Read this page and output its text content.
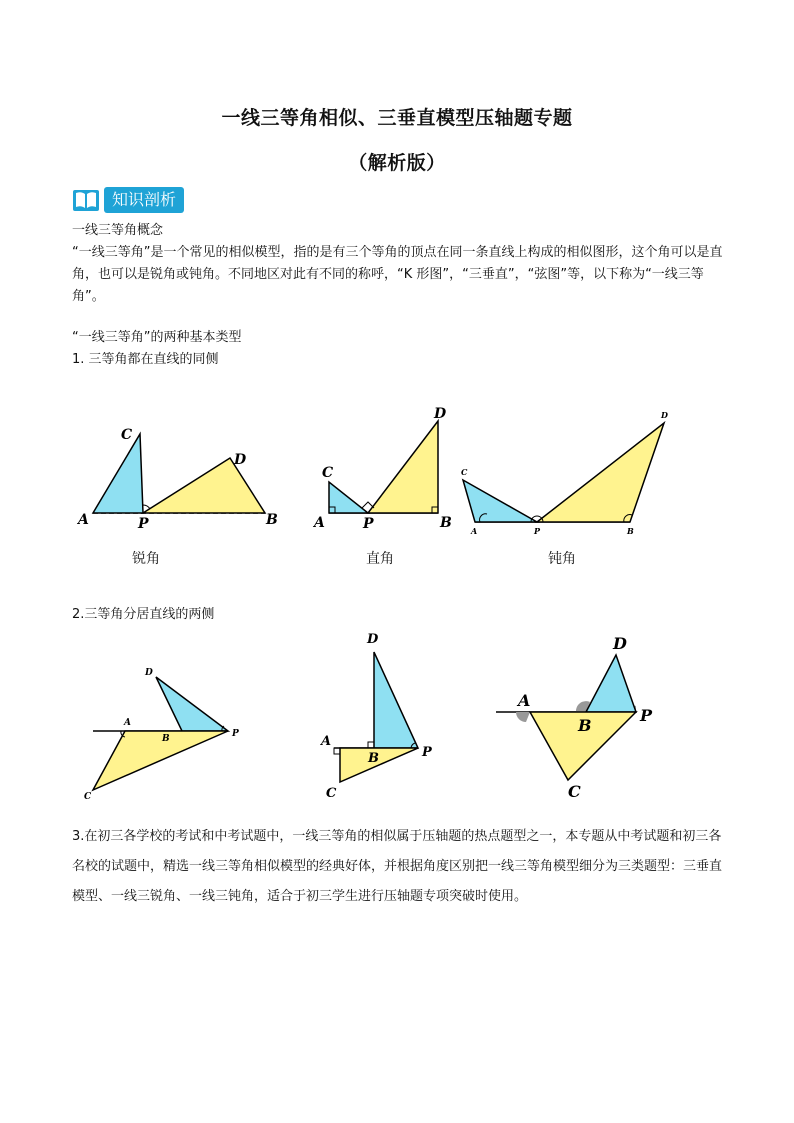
一线三等角相似、三垂直模型压轴题专题
（解析版）
知识剖析
一线三等角概念
“一线三等角”是一个常见的相似模型，指的是有三个等角的顶点在同一条直线上构成的相似图形，这个角可以是直角，也可以是锐角或钝角。不同地区对此有不同的称呼，“K 形图”，“三垂直”，“弦图”等，以下称为“一线三等角”。
“一线三等角”的两种基本类型
1. 三等角都在直线的同侧
A
C
P
D
B	A
C
P
D
B A
C
P
D
B
A
B
C
D
P	A
B
C
D
P
A
B
C
D
P
锐角	直角	钝角
2.三等角分居直线的两侧
3.在初三各学校的考试和中考试题中，一线三等角的相似属于压轴题的热点题型之一，本专题从中考试题和初三各名校的试题中，精选一线三等角相似模型的经典好体，并根据角度区别把一线三等角模型细分为三类题型：三垂直模型、一线三锐角、一线三钝角，适合于初三学生进行压轴题专项突破时使用。
